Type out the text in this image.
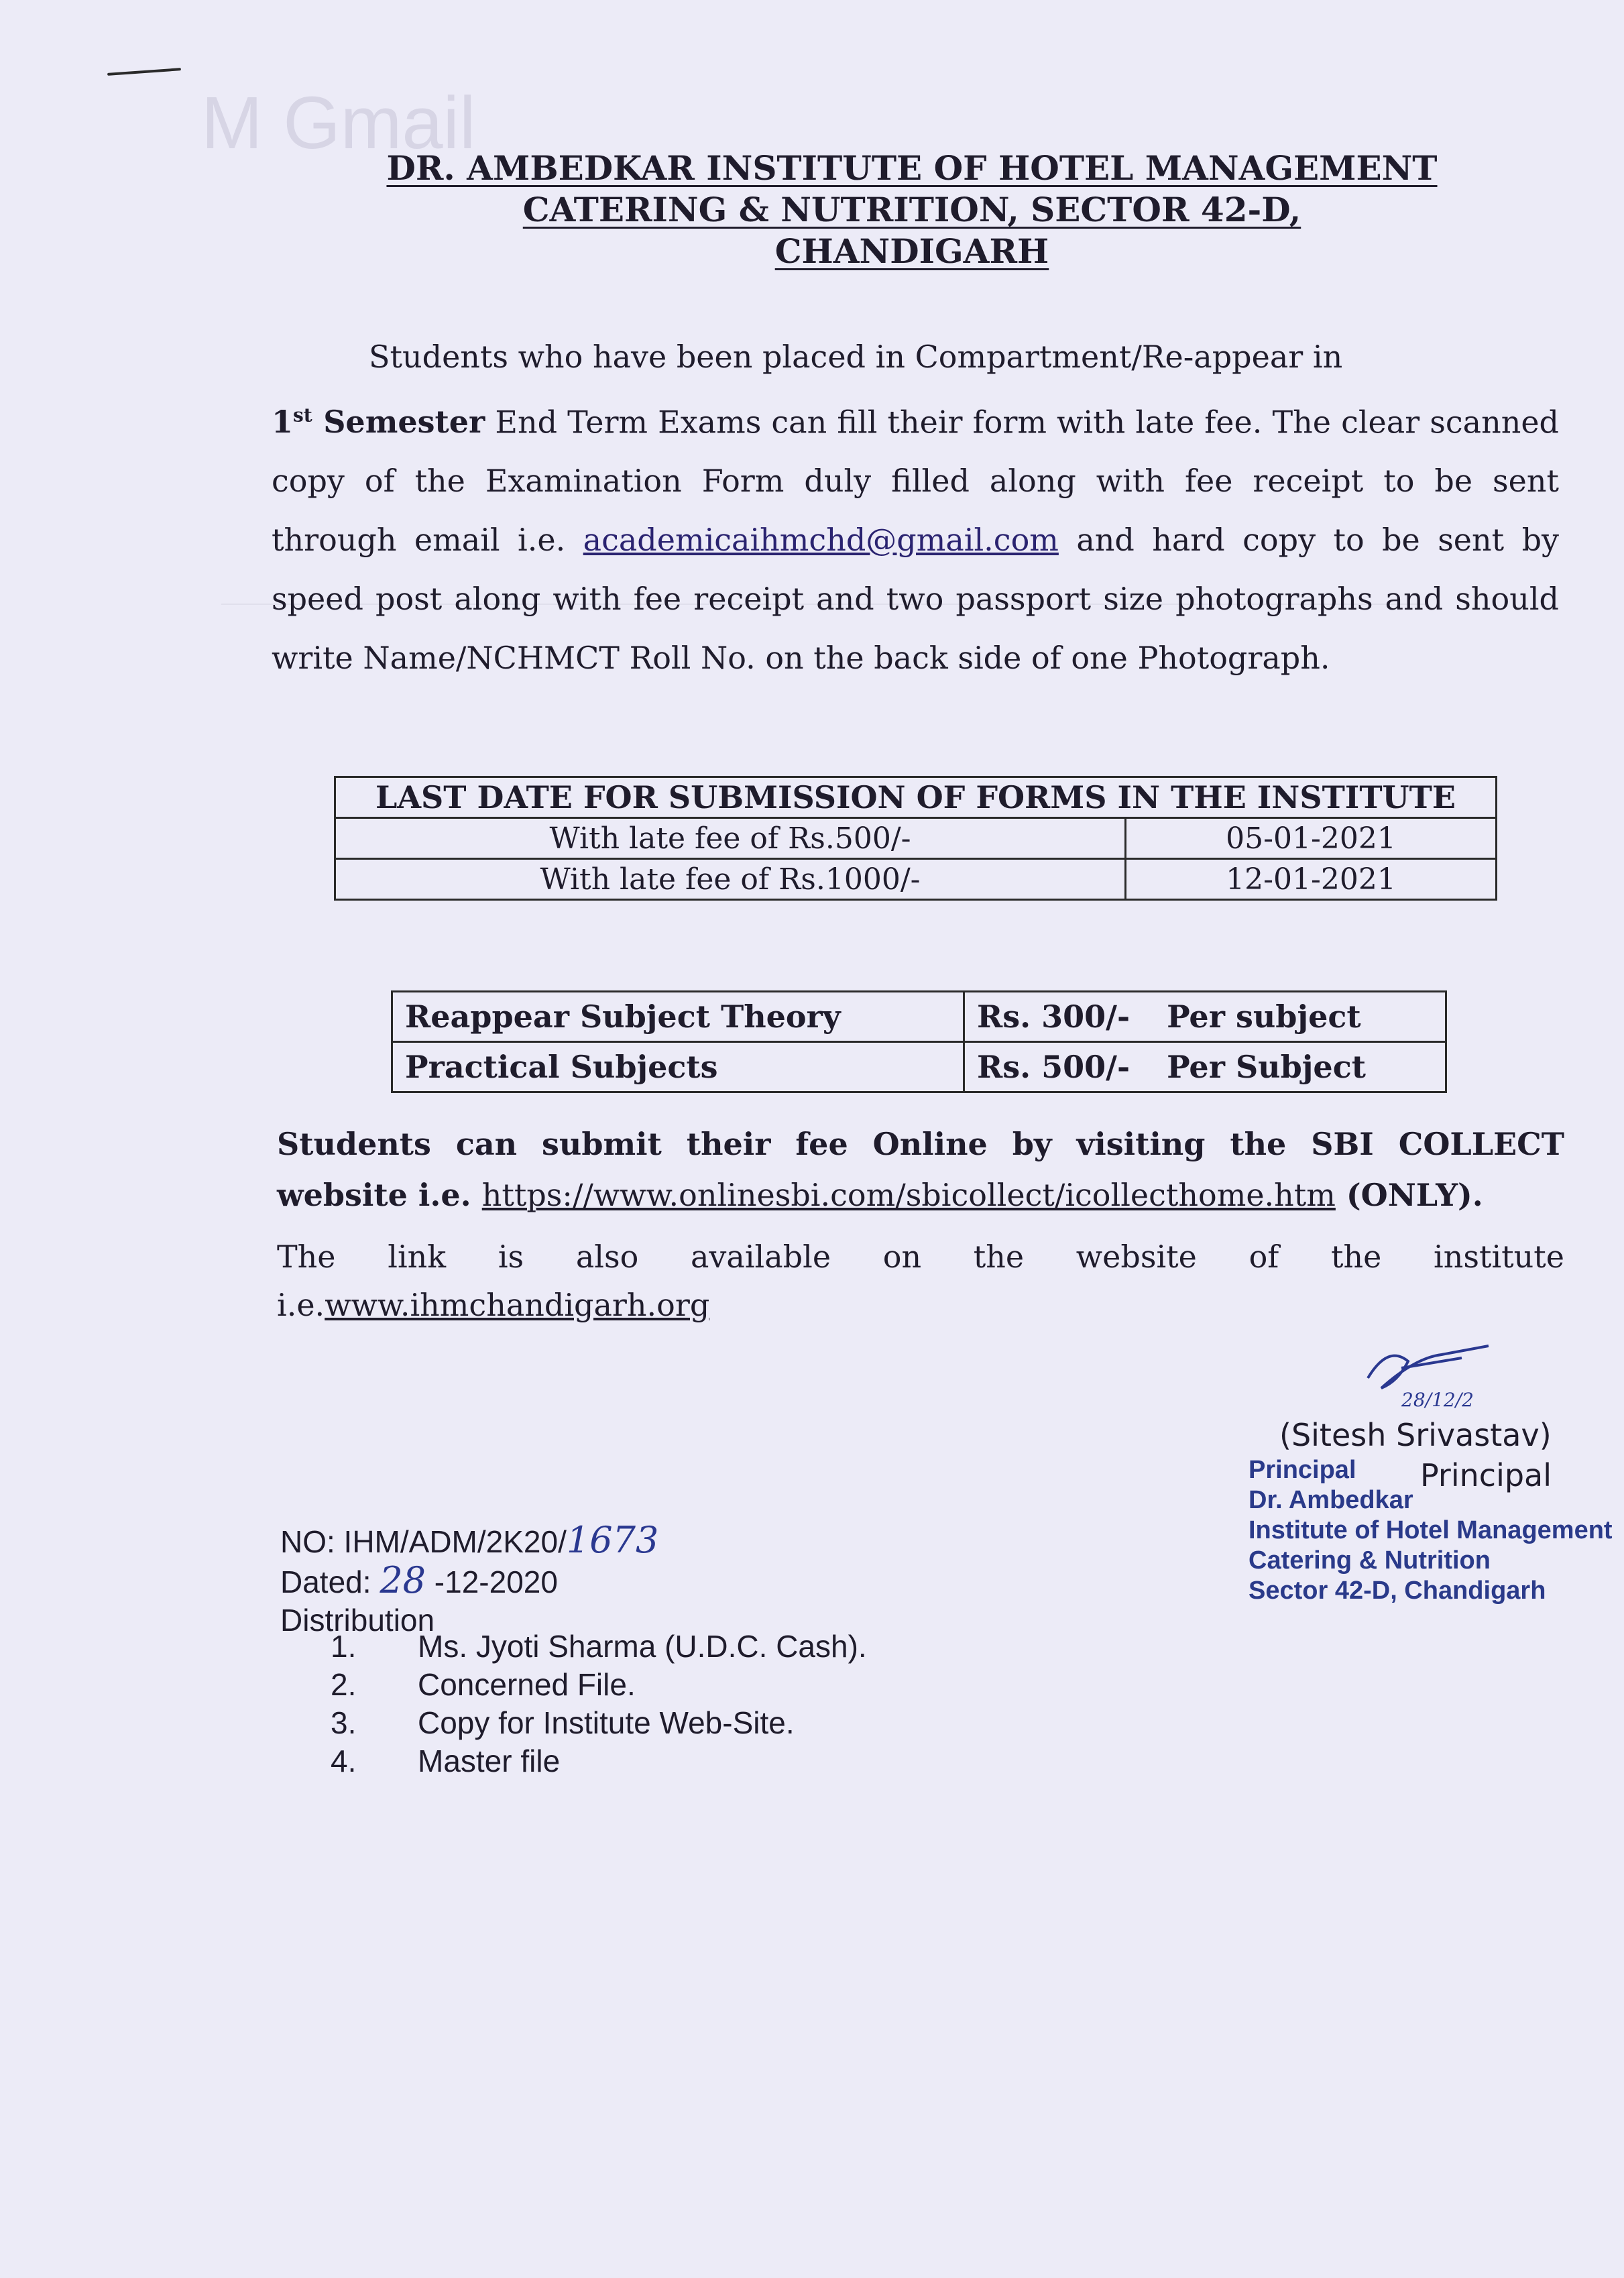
M Gmail
DR. AMBEDKAR INSTITUTE OF HOTEL MANAGEMENT
CATERING & NUTRITION, SECTOR 42-D, CHANDIGARH
Students who have been placed in Compartment/Re-appear in
1st Semester End Term Exams can fill their form with late fee. The clear scanned copy of the Examination Form duly filled along with fee receipt to be sent through email i.e. academicaihmchd@gmail.com and hard copy to be sent by speed post along with fee receipt and two passport size photographs and should write Name/NCHMCT Roll No. on the back side of one Photograph.
LAST DATE FOR SUBMISSION OF FORMS IN THE INSTITUTE	
With late fee of Rs.500/-	05-01-2021
With late fee of Rs.1000/-	12-01-2021
Reappear Subject Theory	Rs. 300/- Per subject
Practical Subjects	Rs. 500/- Per Subject
Students can submit their fee Online by visiting the SBI COLLECT website i.e. https://www.onlinesbi.com/sbicollect/icollecthome.htm (ONLY).
The link is also available on the website of the institute i.e.www.ihmchandigarh.org
28/12/2
(Sitesh Srivastav)
Principal
Principal
Dr. Ambedkar
Institute of Hotel Management
Catering & Nutrition
Sector 42-D, Chandigarh
NO: IHM/ADM/2K20/1673
Dated: 28 -12-2020
Distribution
1. Ms. Jyoti Sharma (U.D.C. Cash).
2. Concerned File.
3. Copy for Institute Web-Site.
4. Master file
